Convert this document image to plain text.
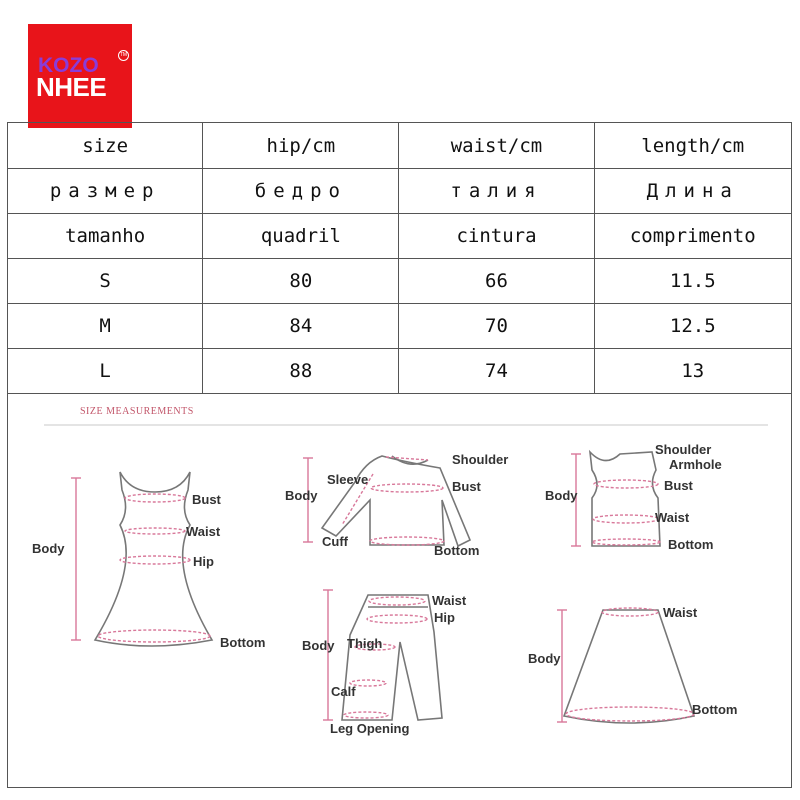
KOZO
NHEE
TM
size	hip/cm	waist/cm	length/cm
размер	бедро	талия	Длина
tamanho	quadril	cintura	comprimento
S	80	66	11.5
M	84	70	12.5
L	88	74	13
SIZE MEASUREMENTS
Bust
Waist
Hip
Body
Bottom
Shoulder
Sleeve	Bust
Body
Cuff
Bottom
Shoulder
Armhole
Bust
Body
Waist
Bottom
Waist
Hip
Body Thigh
Calf
Leg Opening
Waist
Body
Bottom
